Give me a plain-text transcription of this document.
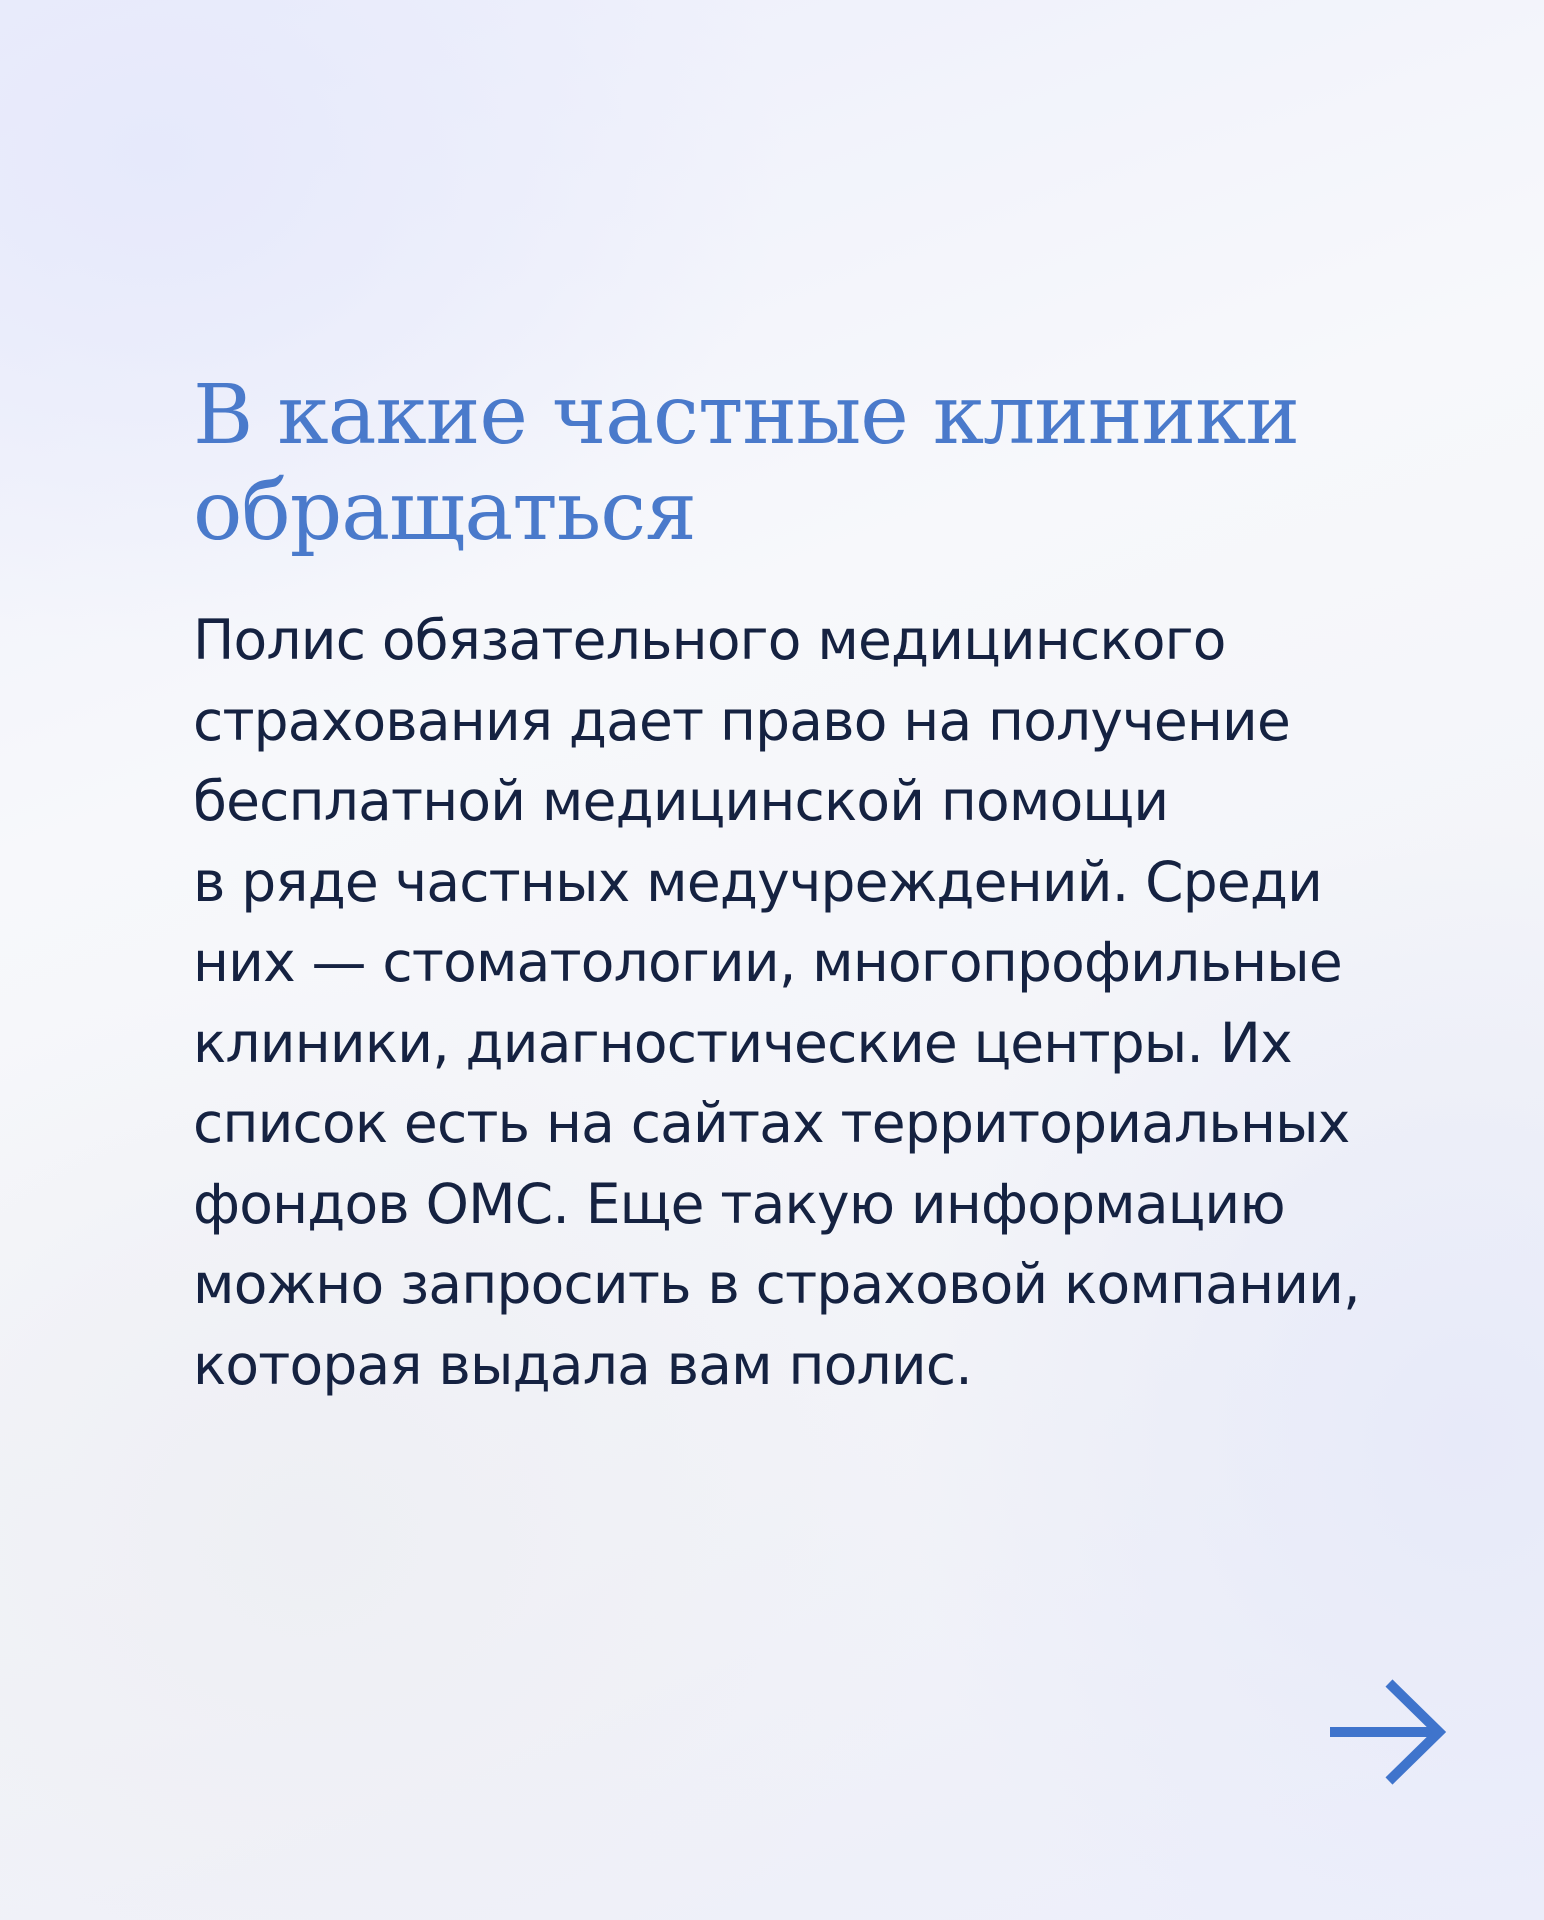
В какие частные клиники
обращаться

Полис обязательного медицинского
страхования дает право на получение
бесплатной медицинской помощи
в ряде частных медучреждений. Среди
них — стоматологии, многопрофильные
клиники, диагностические центры. Их
список есть на сайтах территориальных
фондов ОМС. Еще такую информацию
можно запросить в страховой компании,
которая выдала вам полис.
